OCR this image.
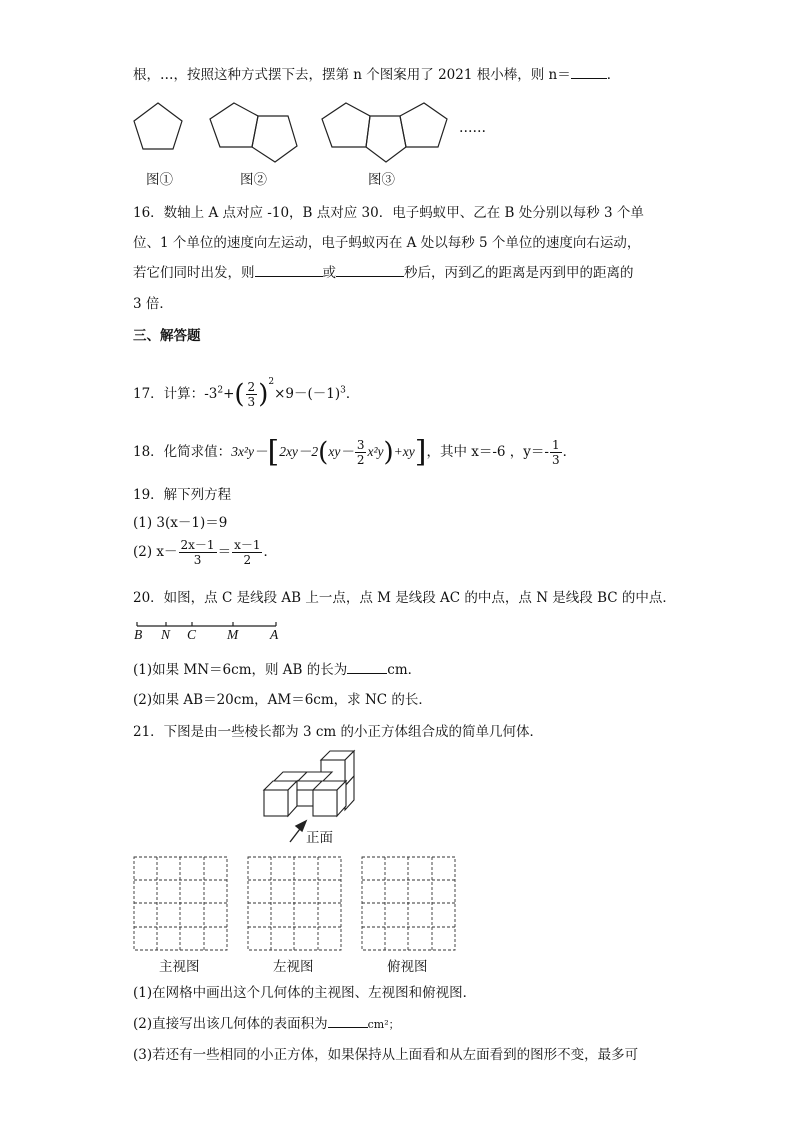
根，…，按照这种方式摆下去，摆第 n 个图案用了 2021 根小棒，则 n＝	．
……
图①	图②	图③
16．数轴上 A 点对应 -10，B 点对应 30．电子蚂蚁甲、乙在 B 处分别以每秒 3 个单
位、1 个单位的速度向左运动，电子蚂蚁丙在 A 处以每秒 5 个单位的速度向右运动，
若它们同时出发，则	或	秒后，丙到乙的距离是丙到甲的距离的
3 倍．
三、解答题
17．计算：$-3^2+( \frac{2}{3} )^2\times 9-(-1)^3$．
18．化简求值：$3x^2y-[2xy-2(xy- \frac{3}{2} x^2y)+xy]$，其中 x＝-6 ，$y=- \frac{1}{3}$ ．
19．解下列方程
(1) 3(x－1)＝9
(2) $x- \frac{2x-1}{3} = \frac{x-1}{2}$ ．
20．如图，点 C 是线段 AB 上一点，点 M 是线段 AC 的中点，点 N 是线段 BC 的中点．
B N C M A
(1)如果 MN＝6cm，则 AB 的长为	cm．
(2)如果 AB＝20cm，AM＝6cm，求 NC 的长．
21．下图是由一些棱长都为 3 cm 的小正方体组合成的简单几何体．
正面
主视图	左视图	俯视图
(1)在网格中画出这个几何体的主视图、左视图和俯视图．
(2)直接写出该几何体的表面积为	cm²；
(3)若还有一些相同的小正方体，如果保持从上面看和从左面看到的图形不变，最多可
